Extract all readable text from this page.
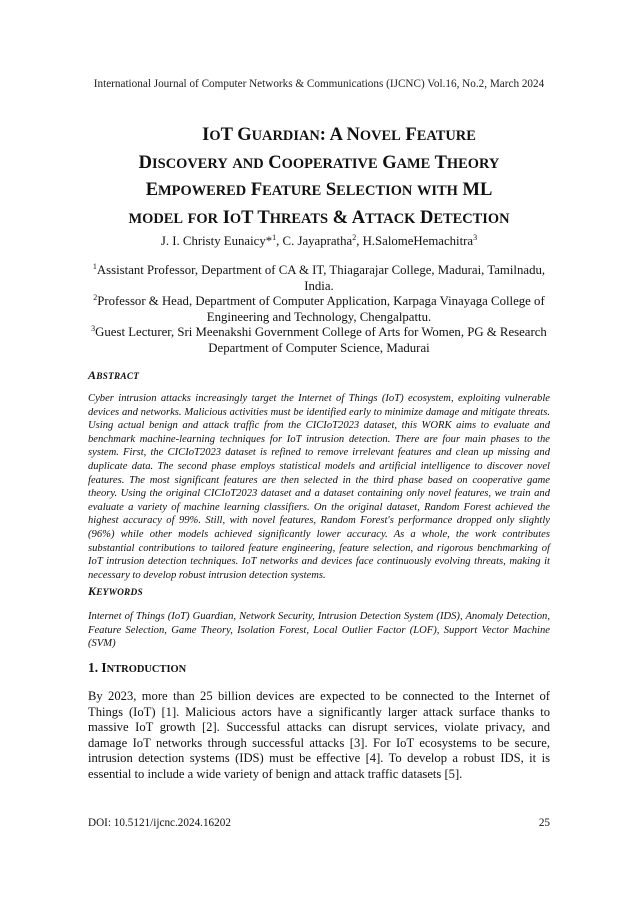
International Journal of Computer Networks & Communications (IJCNC) Vol.16, No.2, March 2024
IOT GUARDIAN: A NOVEL FEATURE
DISCOVERY AND COOPERATIVE GAME THEORY
EMPOWERED FEATURE SELECTION WITH ML
MODEL FOR IOT THREATS & ATTACK DETECTION
J. I. Christy Eunaicy*$^1$, C. Jayapratha$^2$, H.SalomeHemachitra$^3$
$^1$Assistant Professor, Department of CA & IT, Thiagarajar College, Madurai, Tamilnadu, India.
$^2$Professor & Head, Department of Computer Application, Karpaga Vinayaga College of Engineering and Technology, Chengalpattu.
$^3$Guest Lecturer, Sri Meenakshi Government College of Arts for Women, PG & Research Department of Computer Science, Madurai
ABSTRACT
Cyber intrusion attacks increasingly target the Internet of Things (IoT) ecosystem, exploiting vulnerable devices and networks. Malicious activities must be identified early to minimize damage and mitigate threats. Using actual benign and attack traffic from the CICIoT2023 dataset, this WORK aims to evaluate and benchmark machine-learning techniques for IoT intrusion detection. There are four main phases to the system. First, the CICIoT2023 dataset is refined to remove irrelevant features and clean up missing and duplicate data. The second phase employs statistical models and artificial intelligence to discover novel features. The most significant features are then selected in the third phase based on cooperative game theory. Using the original CICIoT2023 dataset and a dataset containing only novel features, we train and evaluate a variety of machine learning classifiers. On the original dataset, Random Forest achieved the highest accuracy of 99%. Still, with novel features, Random Forest's performance dropped only slightly (96%) while other models achieved significantly lower accuracy. As a whole, the work contributes substantial contributions to tailored feature engineering, feature selection, and rigorous benchmarking of IoT intrusion detection techniques. IoT networks and devices face continuously evolving threats, making it necessary to develop robust intrusion detection systems.
KEYWORDS
Internet of Things (IoT) Guardian, Network Security, Intrusion Detection System (IDS), Anomaly Detection, Feature Selection, Game Theory, Isolation Forest, Local Outlier Factor (LOF), Support Vector Machine (SVM)
1. INTRODUCTION
By 2023, more than 25 billion devices are expected to be connected to the Internet of Things (IoT) [1]. Malicious actors have a significantly larger attack surface thanks to massive IoT growth [2]. Successful attacks can disrupt services, violate privacy, and damage IoT networks through successful attacks [3]. For IoT ecosystems to be secure, intrusion detection systems (IDS) must be effective [4]. To develop a robust IDS, it is essential to include a wide variety of benign and attack traffic datasets [5].
DOI: 10.5121/ijcnc.2024.16202	25
